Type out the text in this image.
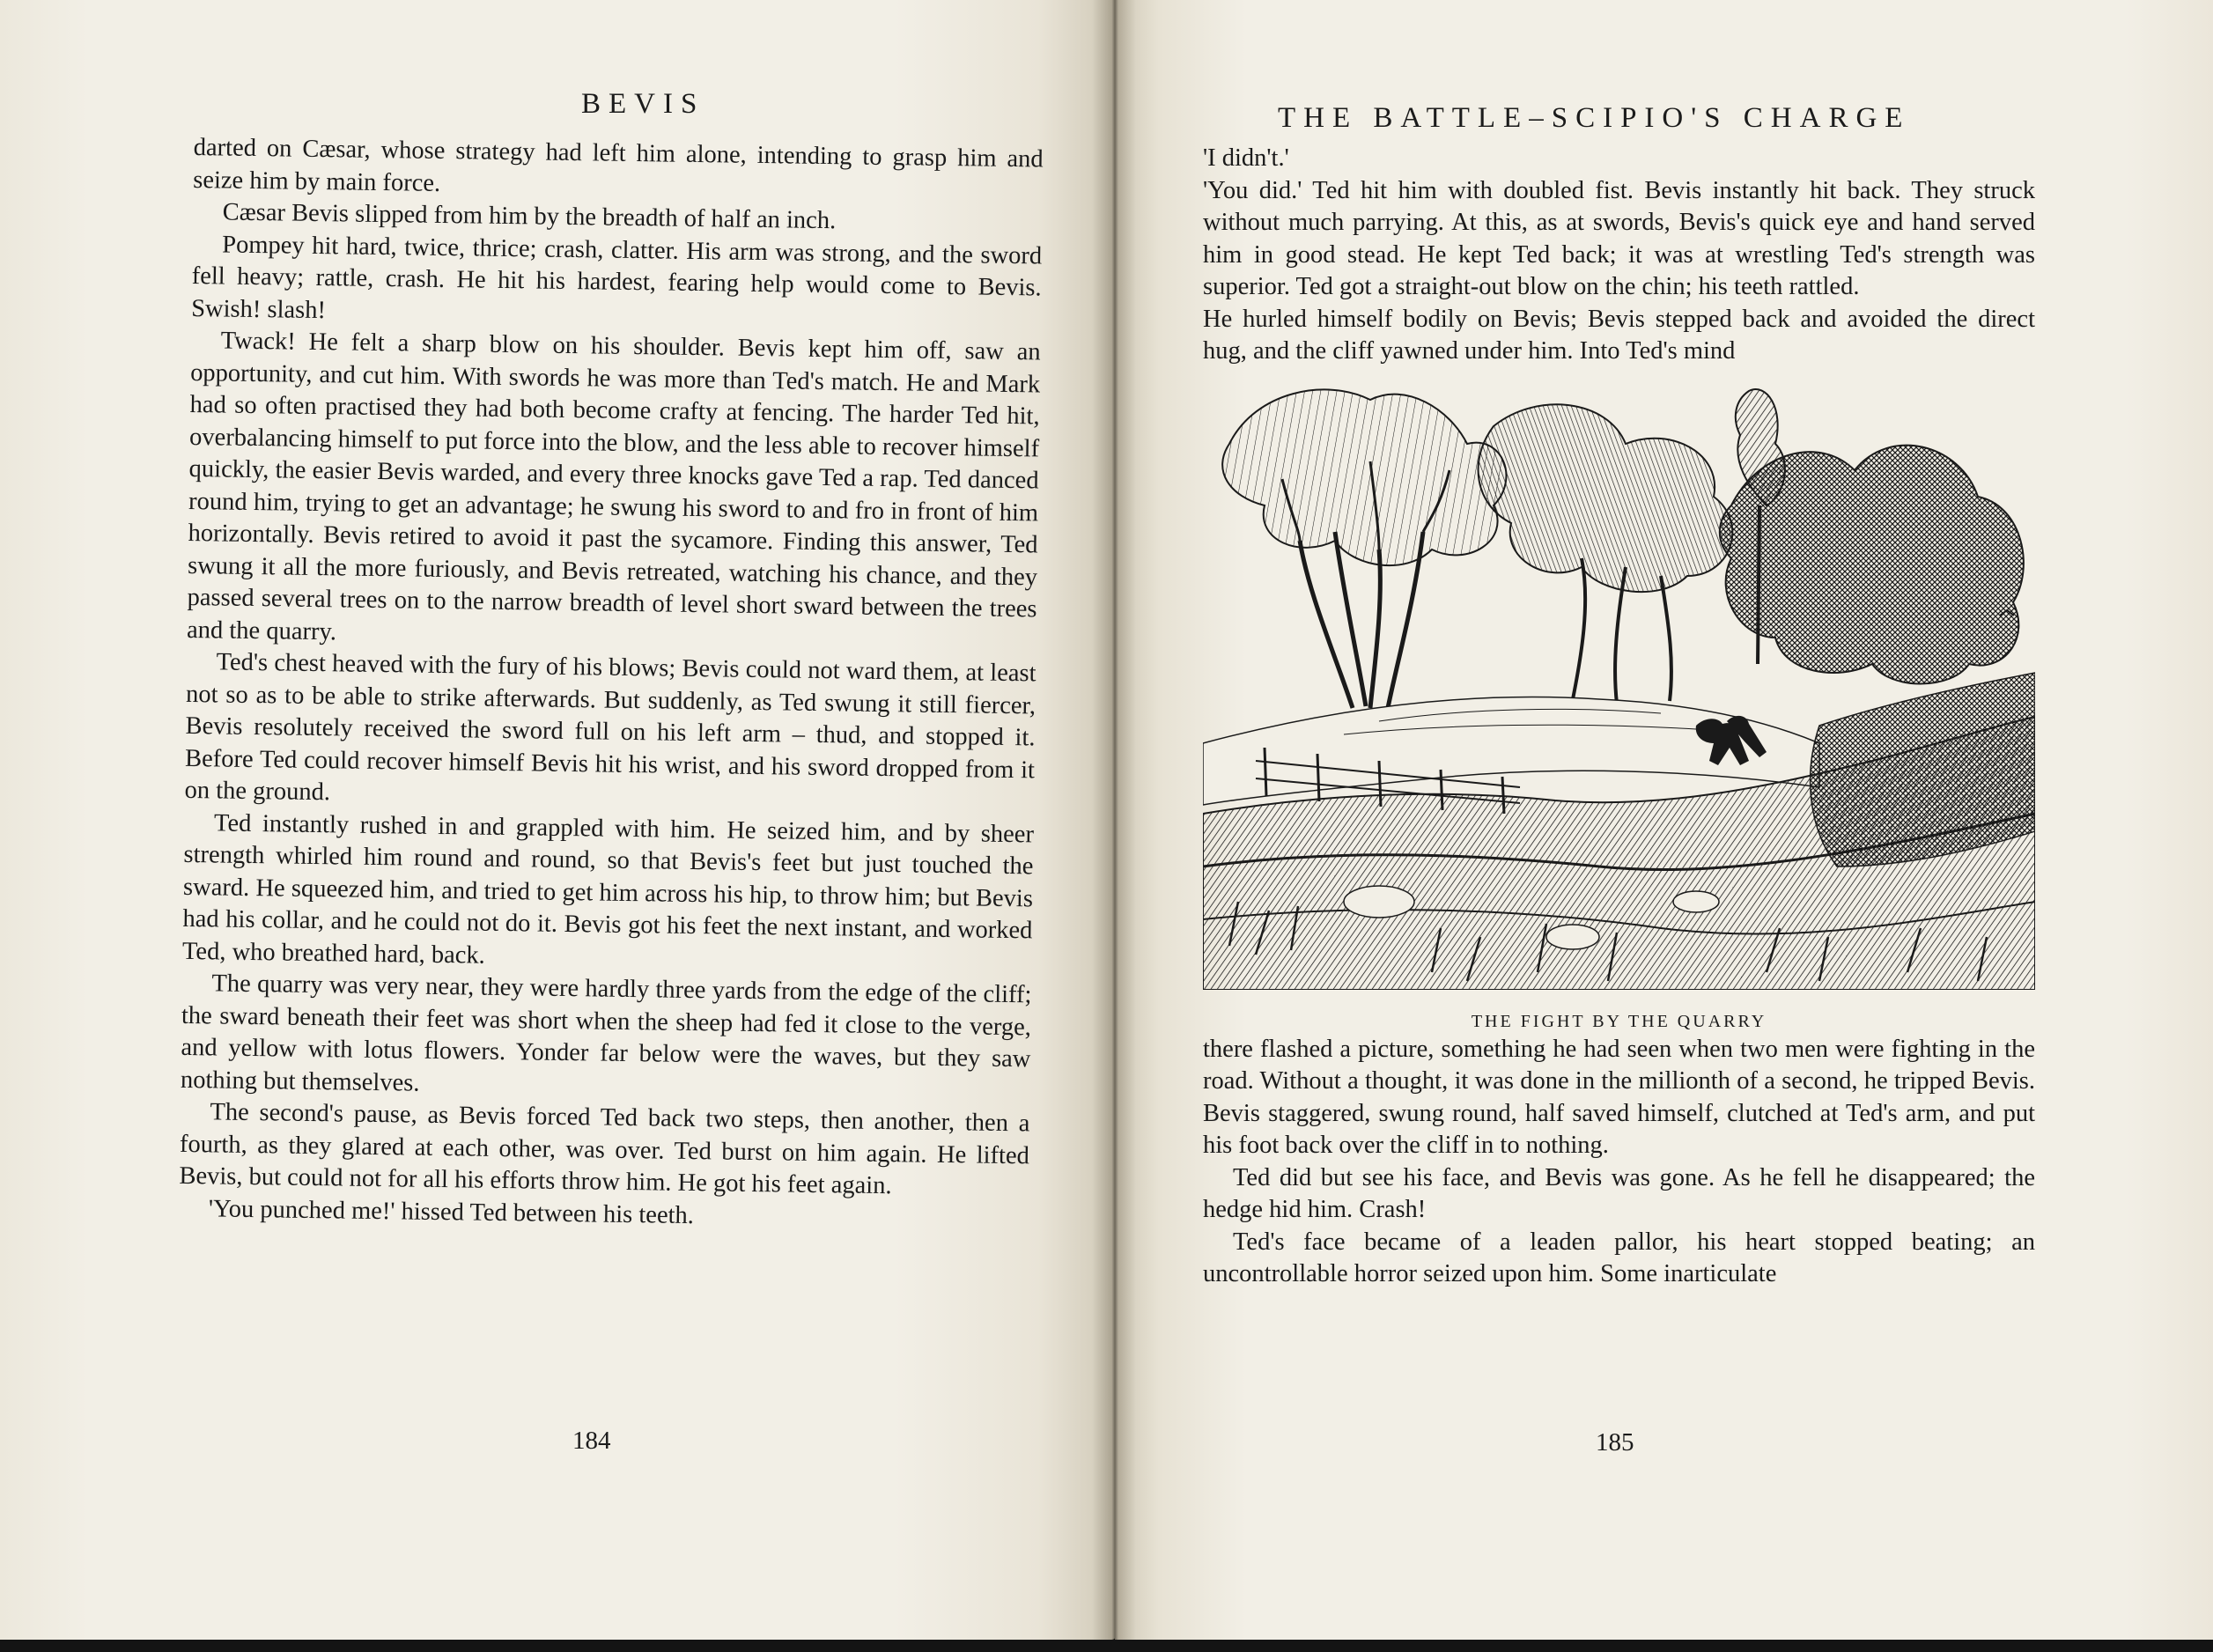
BEVIS

darted on Cæsar, whose strategy had left him alone, intending to grasp him and seize him by main force.

Cæsar Bevis slipped from him by the breadth of half an inch.

Pompey hit hard, twice, thrice; crash, clatter. His arm was strong, and the sword fell heavy; rattle, crash. He hit his hardest, fearing help would come to Bevis. Swish! slash!

Twack! He felt a sharp blow on his shoulder. Bevis kept him off, saw an opportunity, and cut him. With swords he was more than Ted's match. He and Mark had so often practised they had both become crafty at fencing. The harder Ted hit, overbalancing himself to put force into the blow, and the less able to recover himself quickly, the easier Bevis warded, and every three knocks gave Ted a rap. Ted danced round him, trying to get an advantage; he swung his sword to and fro in front of him horizontally. Bevis retired to avoid it past the sycamore. Finding this answer, Ted swung it all the more furiously, and Bevis retreated, watching his chance, and they passed several trees on to the narrow breadth of level short sward between the trees and the quarry.

Ted's chest heaved with the fury of his blows; Bevis could not ward them, at least not so as to be able to strike afterwards. But suddenly, as Ted swung it still fiercer, Bevis resolutely received the sword full on his left arm – thud, and stopped it. Before Ted could recover himself Bevis hit his wrist, and his sword dropped from it on the ground.

Ted instantly rushed in and grappled with him. He seized him, and by sheer strength whirled him round and round, so that Bevis's feet but just touched the sward. He squeezed him, and tried to get him across his hip, to throw him; but Bevis had his collar, and he could not do it. Bevis got his feet the next instant, and worked Ted, who breathed hard, back.

The quarry was very near, they were hardly three yards from the edge of the cliff; the sward beneath their feet was short when the sheep had fed it close to the verge, and yellow with lotus flowers. Yonder far below were the waves, but they saw nothing but themselves.

The second's pause, as Bevis forced Ted back two steps, then another, then a fourth, as they glared at each other, was over. Ted burst on him again. He lifted Bevis, but could not for all his efforts throw him. He got his feet again.

'You punched me!' hissed Ted between his teeth.

184
THE BATTLE–SCIPIO'S CHARGE

'I didn't.'

'You did.' Ted hit him with doubled fist. Bevis instantly hit back. They struck without much parrying. At this, as at swords, Bevis's quick eye and hand served him in good stead. He kept Ted back; it was at wrestling Ted's strength was superior. Ted got a straight-out blow on the chin; his teeth rattled.

He hurled himself bodily on Bevis; Bevis stepped back and avoided the direct hug, and the cliff yawned under him. Into Ted's mind

THE FIGHT BY THE QUARRY

there flashed a picture, something he had seen when two men were fighting in the road. Without a thought, it was done in the millionth of a second, he tripped Bevis. Bevis staggered, swung round, half saved himself, clutched at Ted's arm, and put his foot back over the cliff in to nothing.

Ted did but see his face, and Bevis was gone. As he fell he disappeared; the hedge hid him. Crash!

Ted's face became of a leaden pallor, his heart stopped beating; an uncontrollable horror seized upon him. Some inarticulate

185
